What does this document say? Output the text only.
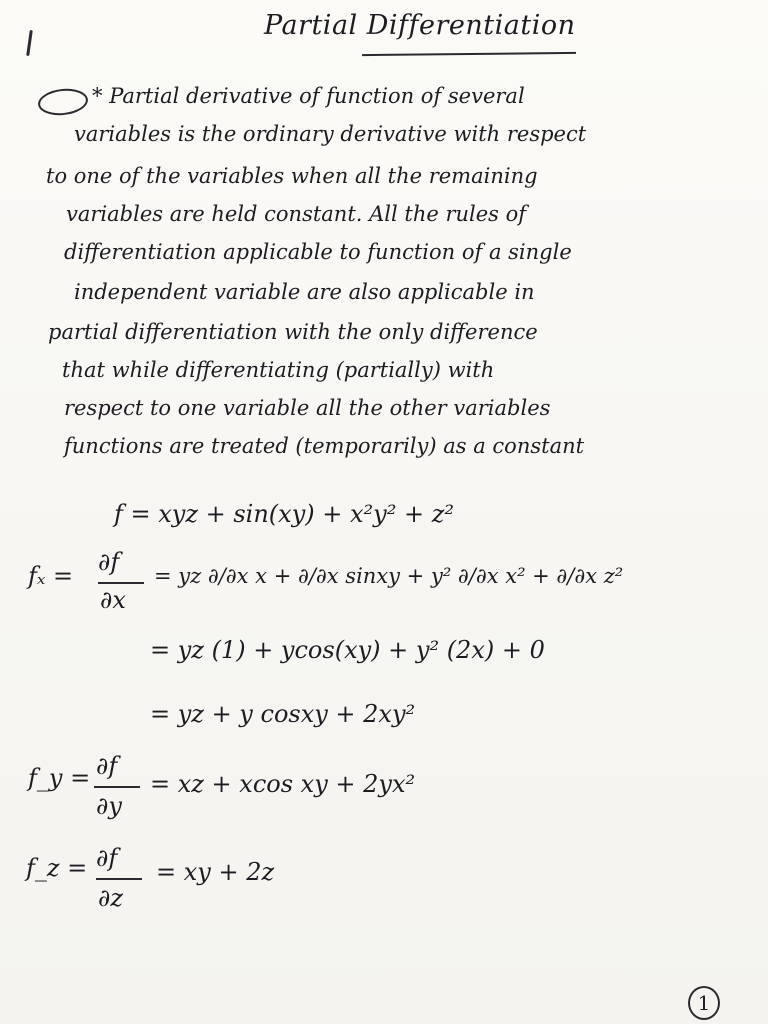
Partial Differentiation
* Partial derivative of function of several
variables is the ordinary derivative with respect
to one of the variables when all the remaining
variables are held constant. All the rules of
differentiation applicable to function of a single
independent variable are also applicable in
partial differentiation with the only difference
that while differentiating (partially) with
respect to one variable all the other variables
functions are treated (temporarily) as a constant
f = xyz + sin(xy) + x²y² + z²
fₓ = ∂f
∂x
= yz ∂/∂x x + ∂/∂x sinxy + y² ∂/∂x x² + ∂/∂x z²
= yz (1) + ycos(xy) + y² (2x) + 0
= yz + y cosxy + 2xy²
f_y = ∂f
∂y
= xz + xcos xy + 2yx²
f_z = ∂f
∂z
= xy + 2z
1
